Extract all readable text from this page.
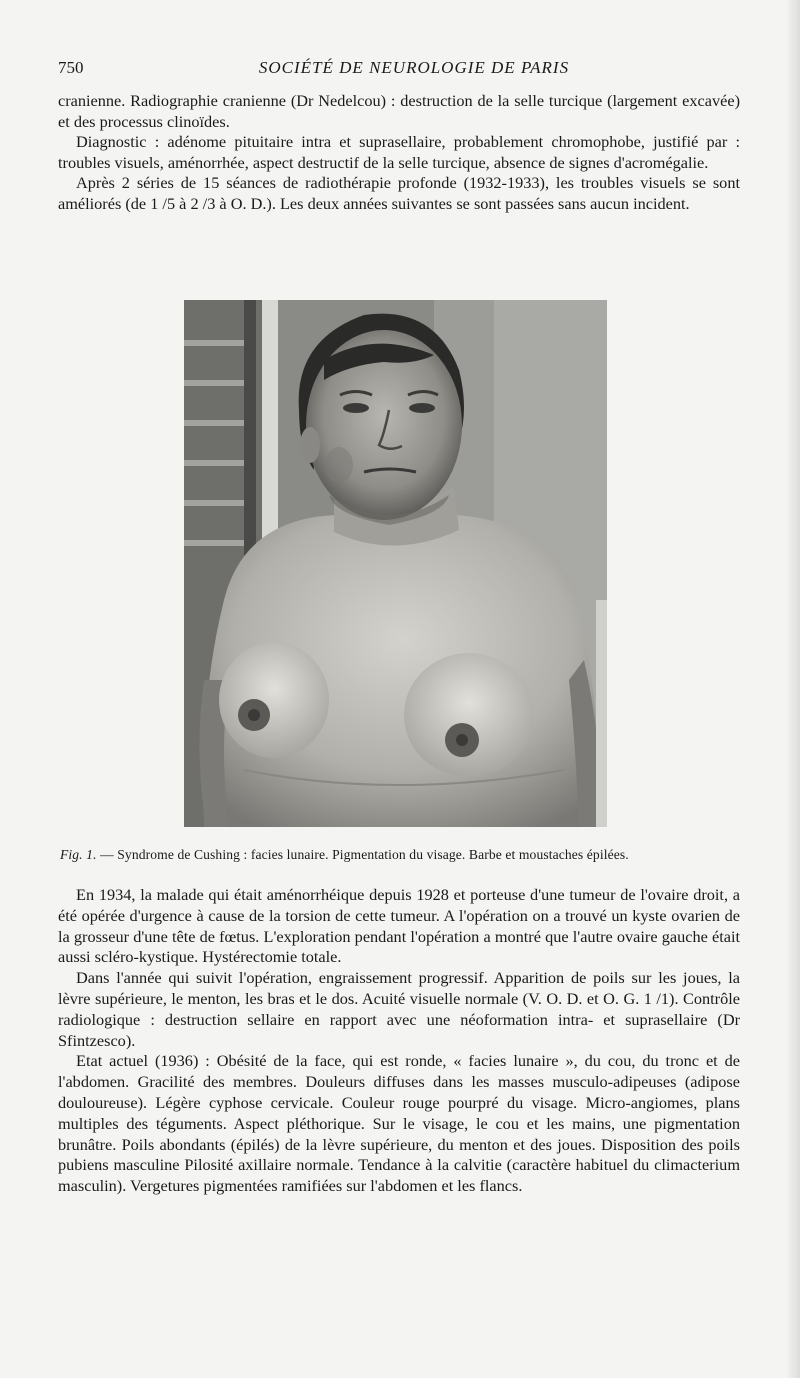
750	SOCIÉTÉ DE NEUROLOGIE DE PARIS

cranienne. Radiographie cranienne (Dr Nedelcou) : destruction de la selle turcique (largement excavée) et des processus clinoïdes.

Diagnostic : adénome pituitaire intra et suprasellaire, probablement chromophobe, justifié par : troubles visuels, aménorrhée, aspect destructif de la selle turcique, absence de signes d'acromégalie.

Après 2 séries de 15 séances de radiothérapie profonde (1932-1933), les troubles visuels se sont améliorés (de 1 /5 à 2 /3 à O. D.). Les deux années suivantes se sont passées sans aucun incident.

Fig. 1. — Syndrome de Cushing : facies lunaire. Pigmentation du visage. Barbe et moustaches épilées.

En 1934, la malade qui était aménorrhéique depuis 1928 et porteuse d'une tumeur de l'ovaire droit, a été opérée d'urgence à cause de la torsion de cette tumeur. A l'opération on a trouvé un kyste ovarien de la grosseur d'une tête de fœtus. L'exploration pendant l'opération a montré que l'autre ovaire gauche était aussi scléro-kystique. Hystérectomie totale.

Dans l'année qui suivit l'opération, engraissement progressif. Apparition de poils sur les joues, la lèvre supérieure, le menton, les bras et le dos. Acuité visuelle normale (V. O. D. et O. G. 1 /1). Contrôle radiologique : destruction sellaire en rapport avec une néoformation intra- et suprasellaire (Dr Sfintzesco).

Etat actuel (1936) : Obésité de la face, qui est ronde, « facies lunaire », du cou, du tronc et de l'abdomen. Gracilité des membres. Douleurs diffuses dans les masses musculo-adipeuses (adipose douloureuse). Légère cyphose cervicale. Couleur rouge pourpré du visage. Micro-angiomes, plans multiples des téguments. Aspect pléthorique. Sur le visage, le cou et les mains, une pigmentation brunâtre. Poils abondants (épilés) de la lèvre supérieure, du menton et des joues. Disposition des poils pubiens masculine Pilosité axillaire normale. Tendance à la calvitie (caractère habituel du climacterium masculin). Vergetures pigmentées ramifiées sur l'abdomen et les flancs.
